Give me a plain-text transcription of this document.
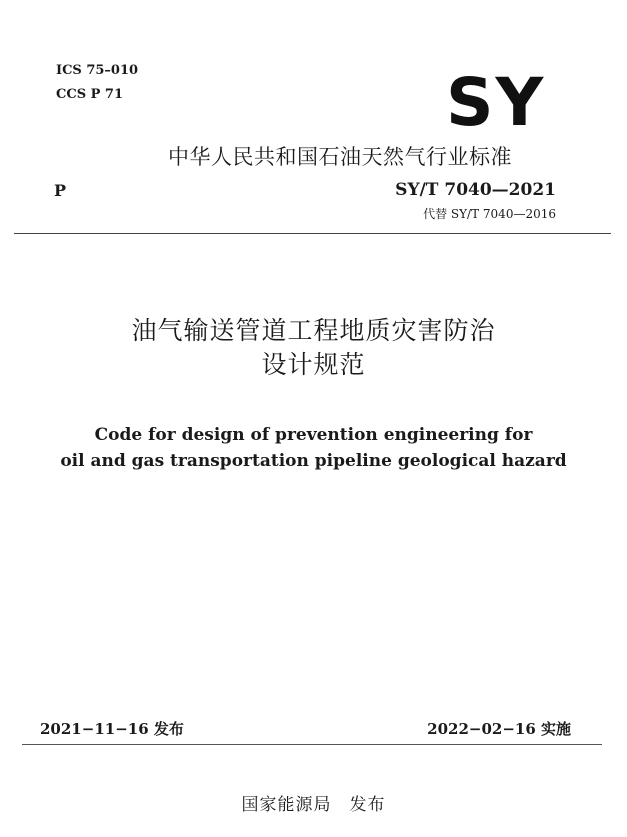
ICS 75–010
CCS P 71	SY
中华人民共和国石油天然气行业标准
P	SY/T 7040—2021
代替 SY/T 7040—2016
油气输送管道工程地质灾害防治
设计规范
Code for design of prevention engineering for
oil and gas transportation pipeline geological hazard
2021−11−16 发布	2022−02−16 实施
国家能源局　发布
